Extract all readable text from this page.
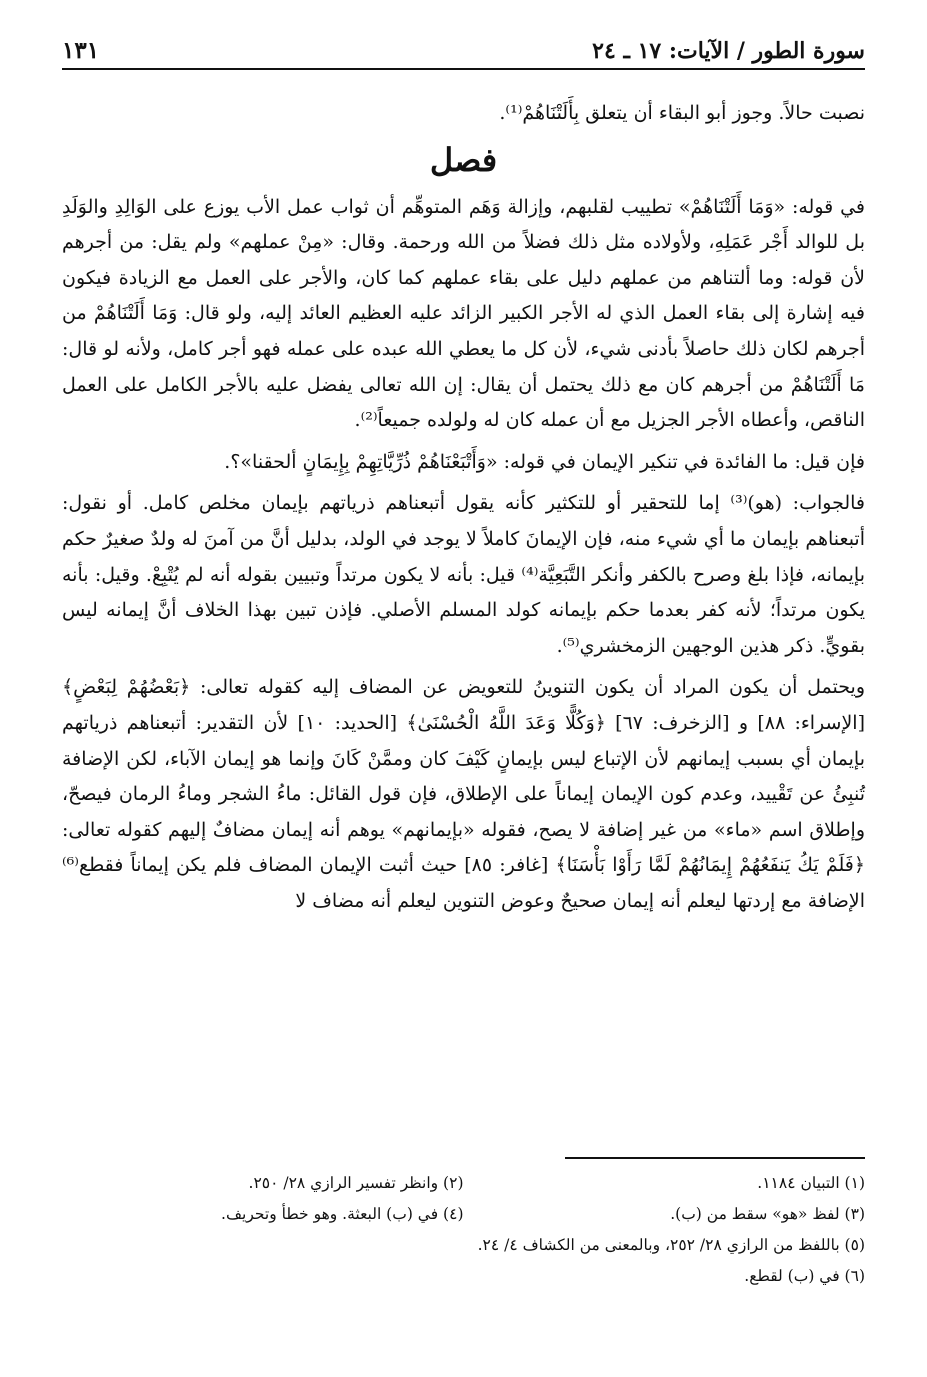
سورة الطور / الآيات: ١٧ ـ ٢٤
١٣١

نصبت حالاً. وجوز أبو البقاء أن يتعلق بِأَلَتْنَاهُمْ⁽¹⁾.

فصل

في قوله: «وَمَا أَلَتْنَاهُمْ» تطييب لقلبهم، وإزالة وَهَم المتوهِّم أن ثواب عمل الأب يوزع على الوَالِدِ والوَلَدِ بل للوالد أَجْر عَمَلِهِ، ولأولاده مثل ذلك فضلاً من الله ورحمة. وقال: «مِنْ عملهم» ولم يقل: من أجرهم لأن قوله: وما ألتناهم من عملهم دليل على بقاء عملهم كما كان، والأجر على العمل مع الزيادة فيكون فيه إشارة إلى بقاء العمل الذي له الأجر الكبير الزائد عليه العظيم العائد إليه، ولو قال: وَمَا أَلَتْنَاهُمْ من أجرهم لكان ذلك حاصلاً بأدنى شيء، لأن كل ما يعطي الله عبده على عمله فهو أجر كامل، ولأنه لو قال: مَا أَلَتْنَاهُمْ من أجرهم كان مع ذلك يحتمل أن يقال: إن الله تعالى يفضل عليه بالأجر الكامل على العمل الناقص، وأعطاه الأجر الجزيل مع أن عمله كان له ولولده جميعاً⁽²⁾.

فإن قيل: ما الفائدة في تنكير الإيمان في قوله: «وَأَتْبَعْنَاهُمْ ذُرِّيَّاتِهِمْ بِإِيمَانٍ ألحقنا»؟.

فالجواب: (هو)⁽³⁾ إما للتحقير أو للتكثير كأنه يقول أتبعناهم ذرياتهم بإيمان مخلص كامل. أو نقول: أتبعناهم بإيمان ما أي شيء منه، فإن الإيمانَ كاملاً لا يوجد في الولد، بدليل أنَّ من آمنَ له ولدٌ صغيرٌ حكم بإيمانه، فإذا بلغ وصرح بالكفر وأنكر التَّبَعِيَّة⁽⁴⁾ قيل: بأنه لا يكون مرتداً وتبيين بقوله أنه لم يُتْبِعْ. وقيل: بأنه يكون مرتداً؛ لأنه كفر بعدما حكم بإيمانه كولد المسلم الأصلي. فإذن تبين بهذا الخلاف أنَّ إيمانه ليس بقويٍّ. ذكر هذين الوجهين الزمخشري⁽⁵⁾.

ويحتمل أن يكون المراد أن يكون التنوينُ للتعويض عن المضاف إليه كقوله تعالى: ﴿بَعْضُهُمْ لِبَعْضٍ﴾ [الإسراء: ٨٨] و [الزخرف: ٦٧] ﴿وَكُلًّا وَعَدَ اللَّهُ الْحُسْنَىٰ﴾ [الحديد: ١٠] لأن التقدير: أتبعناهم ذرياتهم بإيمان أي بسبب إيمانهم لأن الإتباع ليس بإيمانٍ كَيْفَ كان وممَّنْ كَانَ وإنما هو إيمان الآباء، لكن الإضافة تُنبِئُ عن تَقْييد، وعدم كون الإيمان إيماناً على الإطلاق، فإن قول القائل: ماءُ الشجر وماءُ الرمان فيصحّ، وإطلاق اسم «ماء» من غير إضافة لا يصح، فقوله «بإيمانهم» يوهم أنه إيمان مضافٌ إليهم كقوله تعالى: ﴿فَلَمْ يَكُ يَنفَعُهُمْ إِيمَانُهُمْ لَمَّا رَأَوْا بَأْسَنَا﴾ [غافر: ٨٥] حيث أثبت الإيمان المضاف فلم يكن إيماناً فقطع⁽⁶⁾ الإضافة مع إردتها ليعلم أنه إيمان صحيحٌ وعوض التنوين ليعلم أنه مضاف لا

(١) التبيان ١١٨٤.
(٢) وانظر تفسير الرازي ٢٨/ ٢٥٠.
(٣) لفظ «هو» سقط من (ب).
(٤) في (ب) البعثة. وهو خطأ وتحريف.
(٥) باللفظ من الرازي ٢٨/ ٢٥٢، وبالمعنى من الكشاف ٤/ ٢٤.
(٦) في (ب) لقطع.
